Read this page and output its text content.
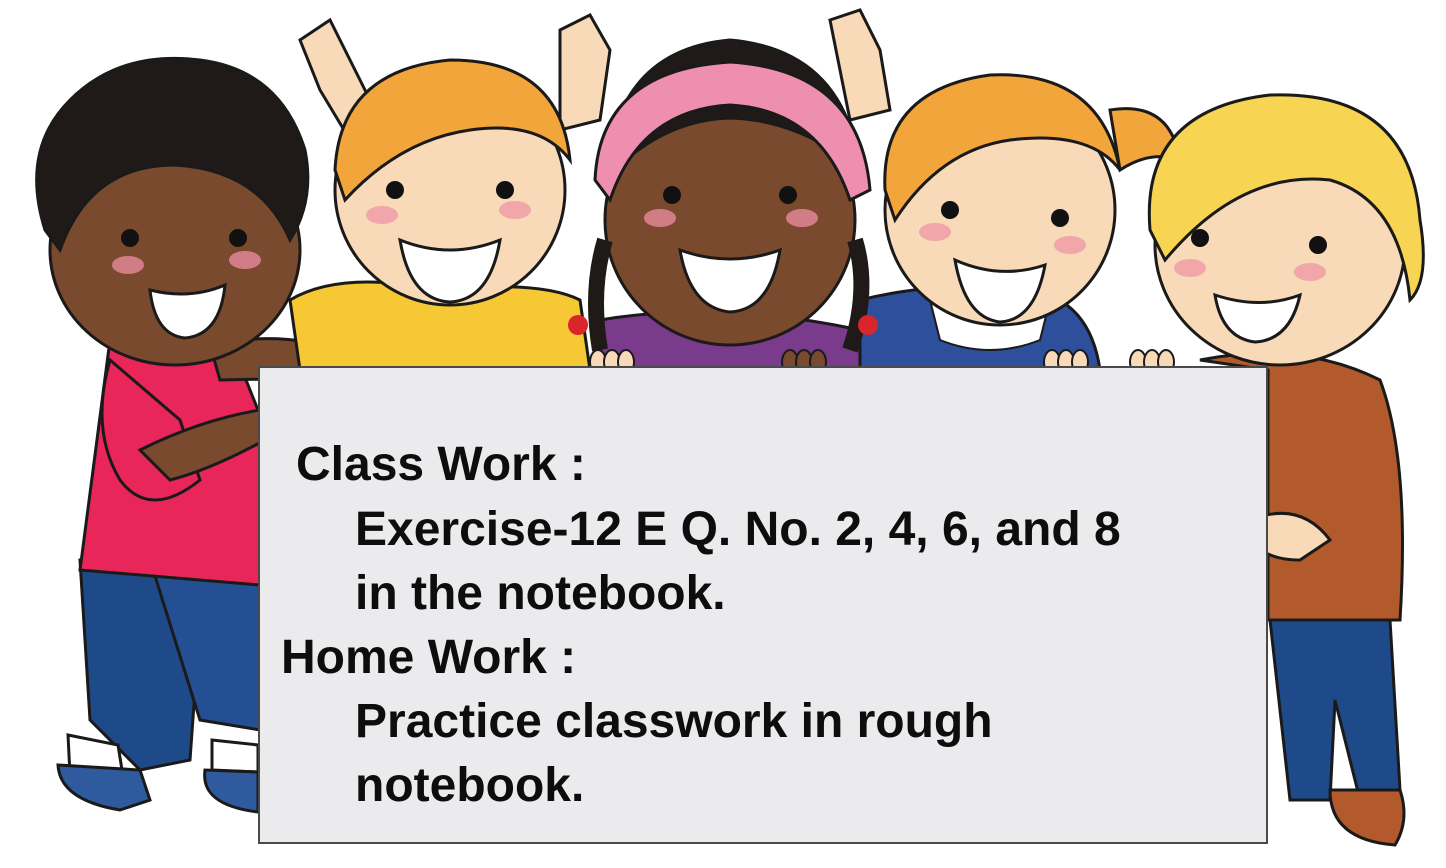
Class Work :
Exercise-12 E Q. No. 2, 4, 6, and 8
in the notebook.
Home Work :
Practice classwork in rough
notebook.
